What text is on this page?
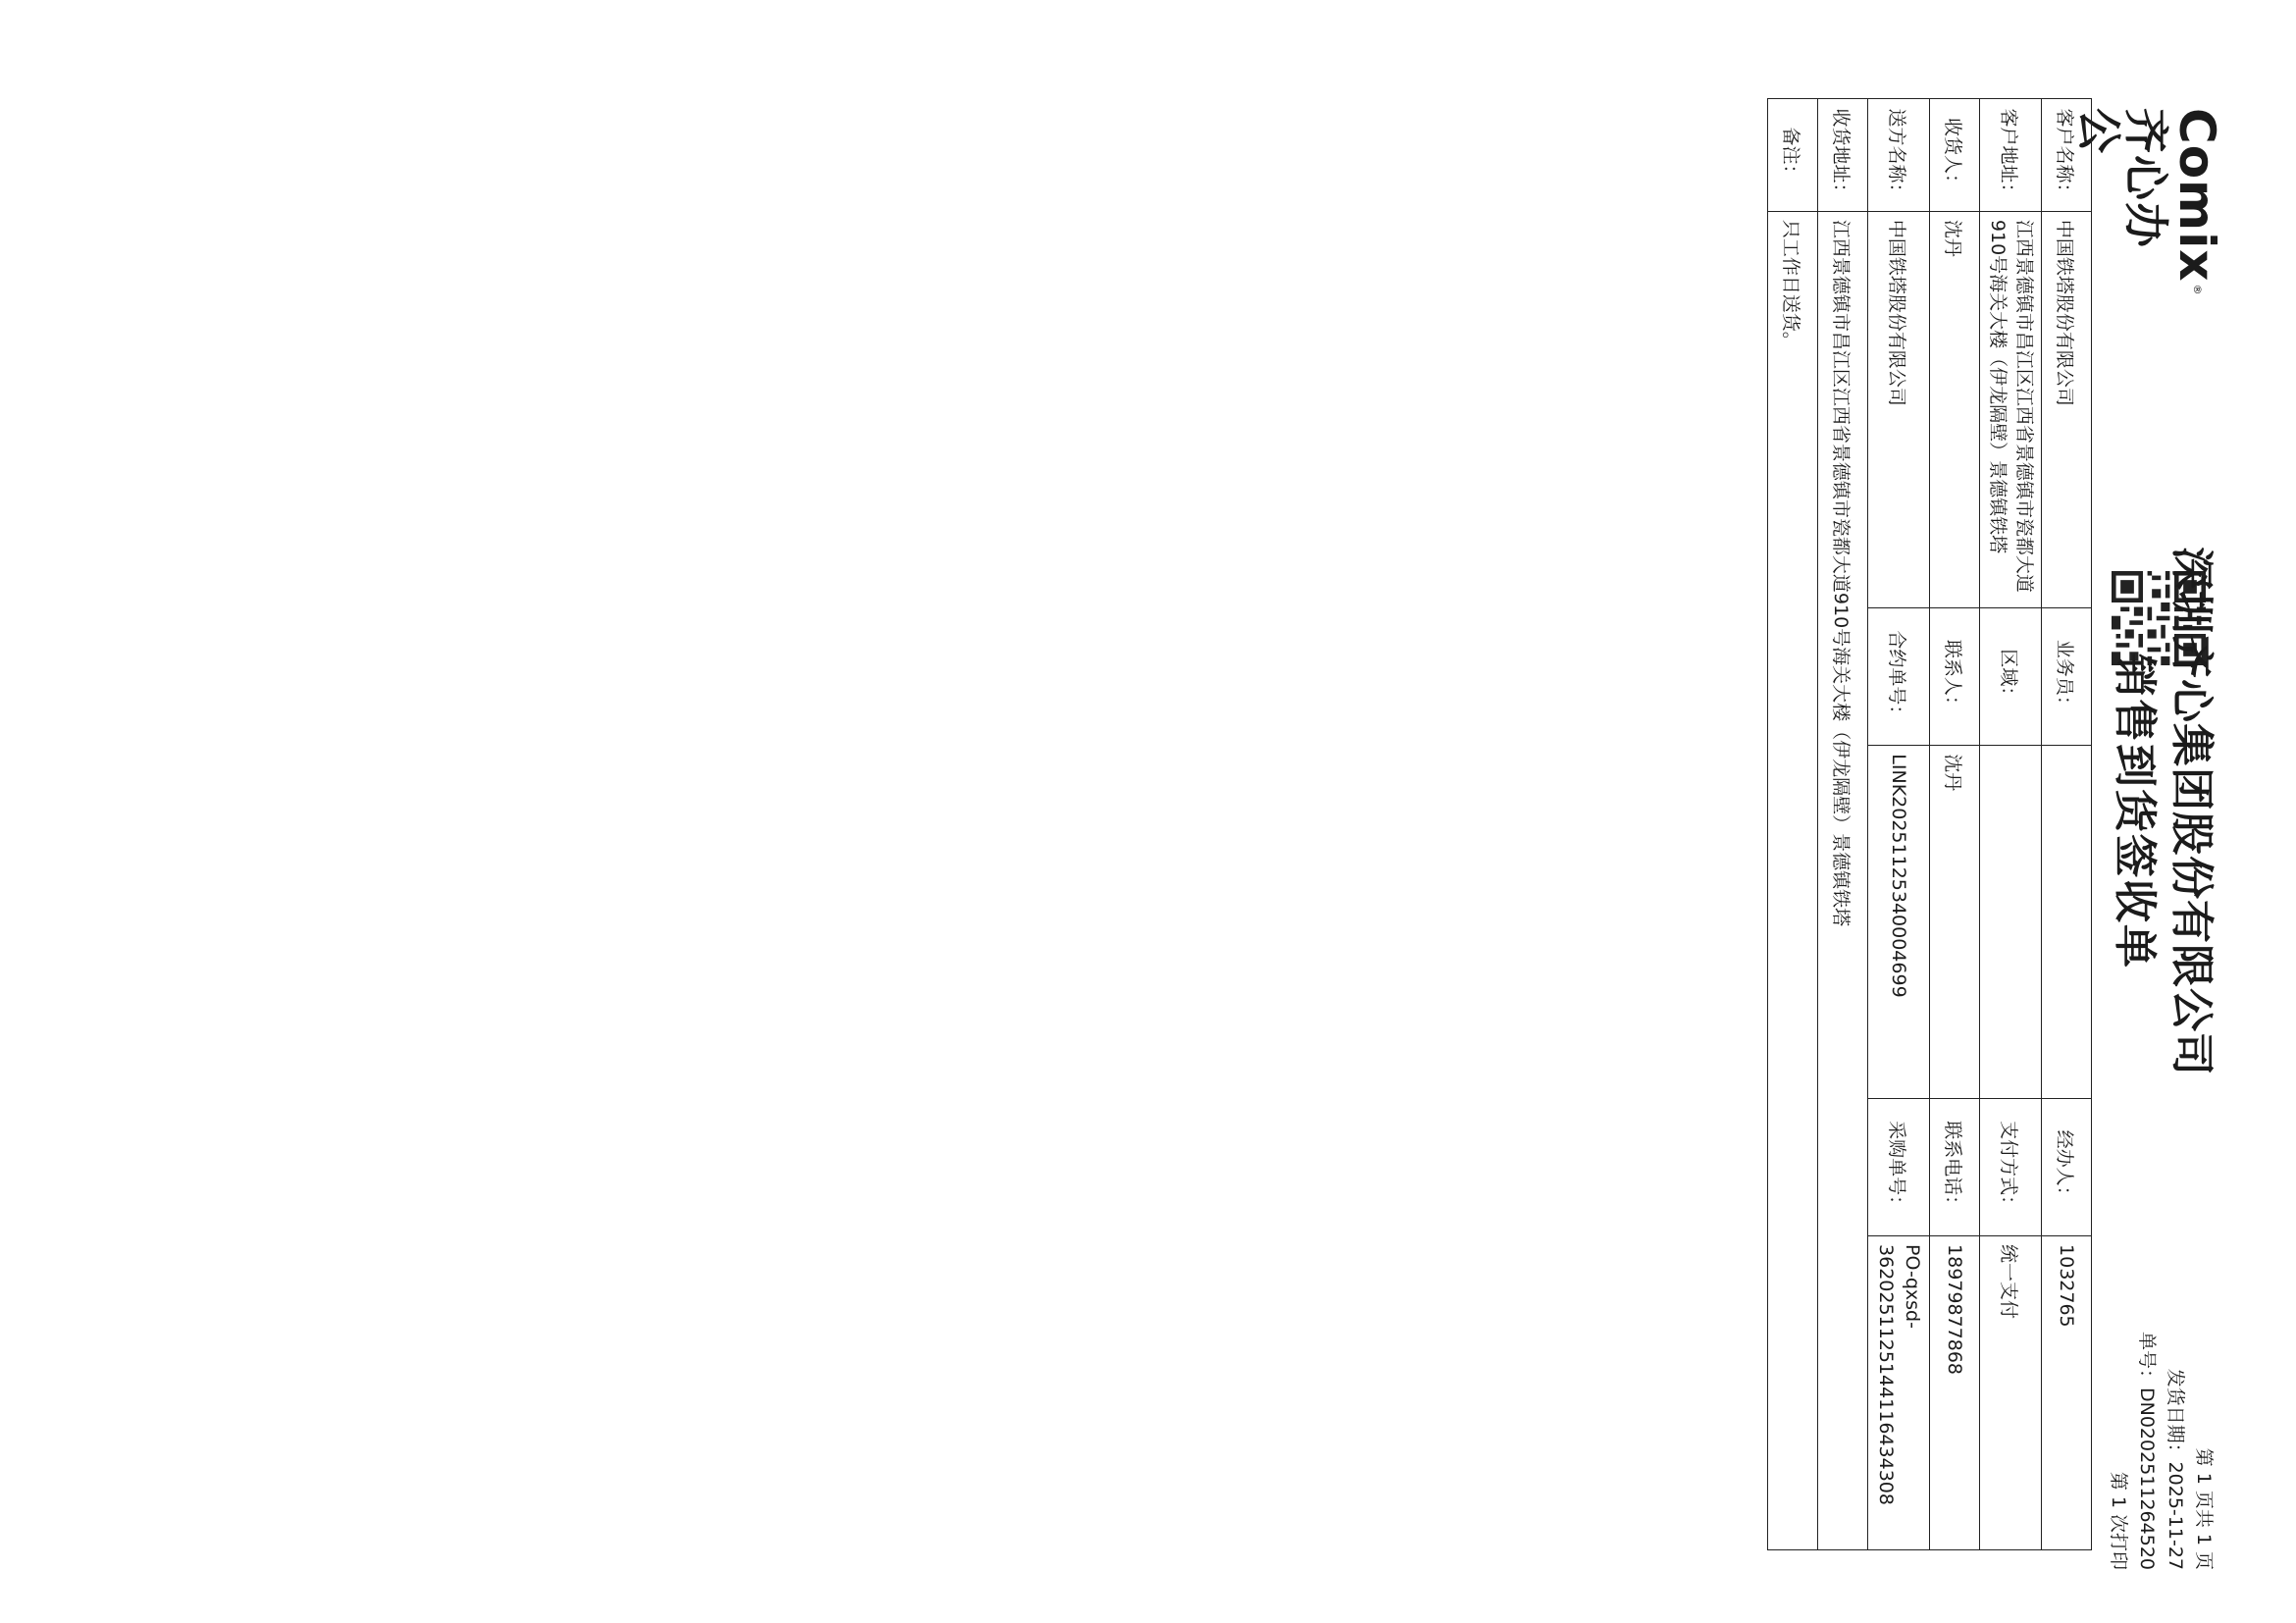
Comix®
齐心办公
深圳齐心集团股份有限公司
销售到货签收单
第 1 页共 1 页
发货日期：2025-11-27
单号：DN0202511264520
第 1 次打印
客户名称：	中国铁塔股份有限公司	业务员：		经办人：	1032765
客户地址：	江西景德镇市昌江区江西省景德镇市瓷都大道910号海关大楼（伊龙隔壁）景德镇铁塔	区域：		支付方式：	统一支付
收货人：	沈丹	联系人：	沈丹	联系电话：	18979877868
送方名称：	中国铁塔股份有限公司	合约单号：	LINK20251125340004699	采购单号：	PO-qxsd-36202511251441164343​08
收货地址：	江西景德镇市昌江区江西省景德镇市瓷都大道910号海关大楼（伊龙隔壁）景德镇铁塔				
备注：	只工作日送货。				
